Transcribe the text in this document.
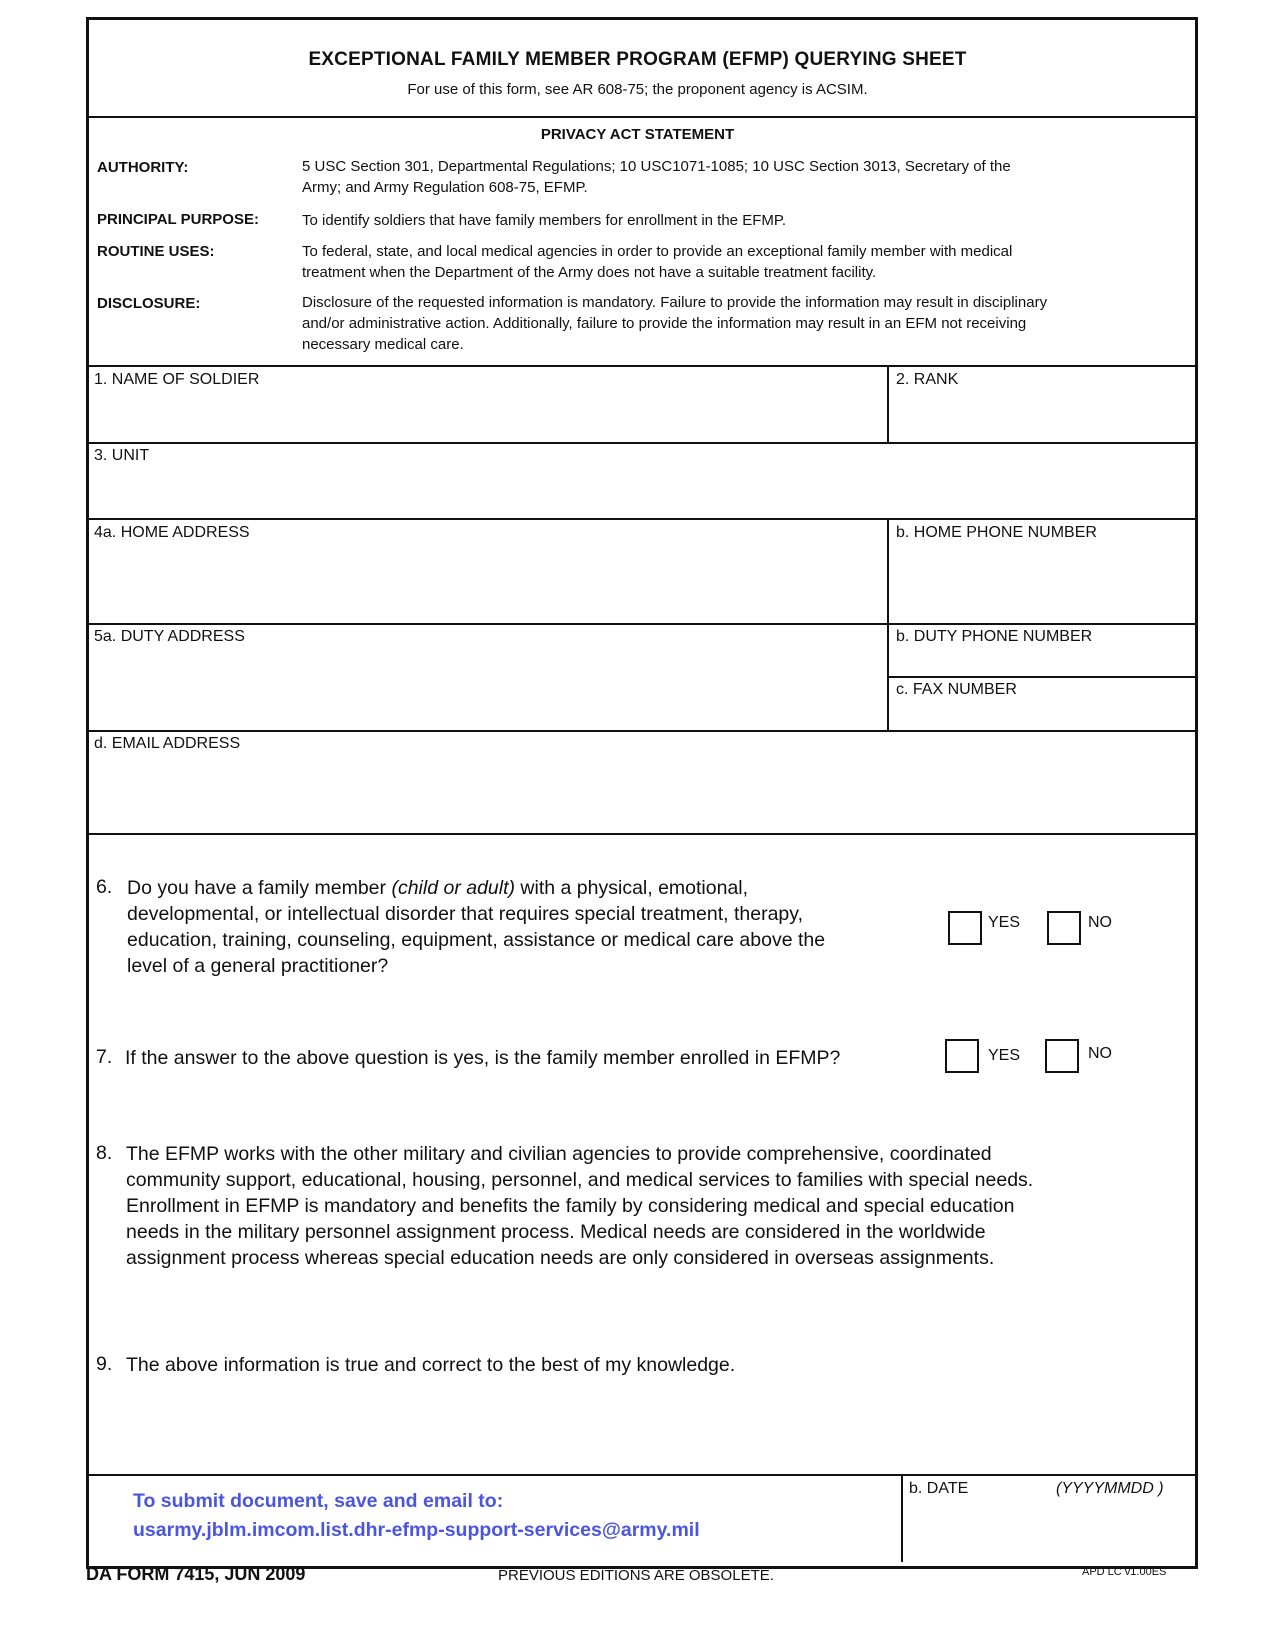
EXCEPTIONAL FAMILY MEMBER PROGRAM (EFMP) QUERYING SHEET
For use of this form, see AR 608-75; the proponent agency is ACSIM.
PRIVACY ACT STATEMENT
AUTHORITY:	5 USC Section 301, Departmental Regulations; 10 USC1071-1085; 10 USC Section 3013, Secretary of the
Army; and Army Regulation 608-75, EFMP.
PRINCIPAL PURPOSE:	To identify soldiers that have family members for enrollment in the EFMP.
ROUTINE USES:	To federal, state, and local medical agencies in order to provide an exceptional family member with medical
treatment when the Department of the Army does not have a suitable treatment facility.
DISCLOSURE:	Disclosure of the requested information is mandatory. Failure to provide the information may result in disciplinary
and/or administrative action. Additionally, failure to provide the information may result in an EFM not receiving
necessary medical care.
1. NAME OF SOLDIER	2. RANK
3. UNIT
4a. HOME ADDRESS	b. HOME PHONE NUMBER
5a. DUTY ADDRESS	b. DUTY PHONE NUMBER
c. FAX NUMBER
d. EMAIL ADDRESS
6. Do you have a family member (child or adult) with a physical, emotional,
developmental, or intellectual disorder that requires special treatment, therapy,
education, training, counseling, equipment, assistance or medical care above the
level of a general practitioner?
YES	NO
7. If the answer to the above question is yes, is the family member enrolled in EFMP?	YES	NO
8. The EFMP works with the other military and civilian agencies to provide comprehensive, coordinated
community support, educational, housing, personnel, and medical services to families with special needs.
Enrollment in EFMP is mandatory and benefits the family by considering medical and special education
needs in the military personnel assignment process. Medical needs are considered in the worldwide
assignment process whereas special education needs are only considered in overseas assignments.
9. The above information is true and correct to the best of my knowledge.
To submit document, save and email to:
usarmy.jblm.imcom.list.dhr-efmp-support-services@army.mil
b. DATE	(YYYYMMDD )
DA FORM 7415, JUN 2009	PREVIOUS EDITIONS ARE OBSOLETE.	APD LC v1.00ES
